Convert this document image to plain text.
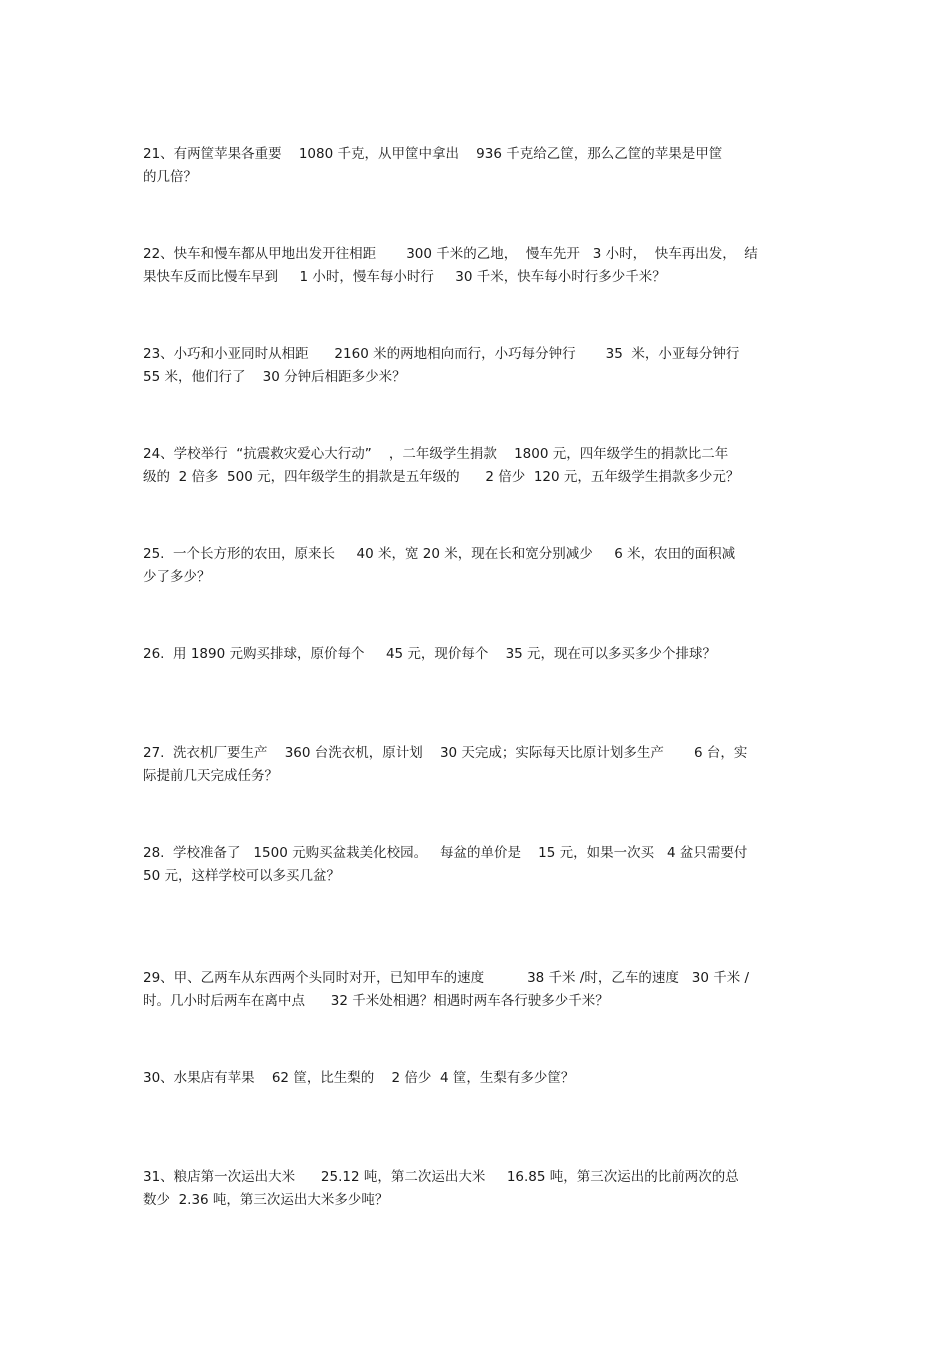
21、有两筐苹果各重要    1080 千克，从甲筐中拿出    936 千克给乙筐，那么乙筐的苹果是甲筐
的几倍？
22、快车和慢车都从甲地出发开往相距       300 千米的乙地，  慢车先开   3 小时，  快车再出发，  结
果快车反而比慢车早到     1 小时，慢车每小时行     30 千米，快车每小时行多少千米？
23、小巧和小亚同时从相距      2160 米的两地相向而行，小巧每分钟行       35  米，小亚每分钟行
55 米，他们行了    30 分钟后相距多少米？
24、学校举行  “抗震救灾爱心大行动”    ，二年级学生捐款    1800 元，四年级学生的捐款比二年
级的  2 倍多  500 元，四年级学生的捐款是五年级的      2 倍少  120 元，五年级学生捐款多少元？
25.  一个长方形的农田，原来长     40 米，宽 20 米，现在长和宽分别减少     6 米，农田的面积减
少了多少？
26.  用 1890 元购买排球，原价每个     45 元，现价每个    35 元，现在可以多买多少个排球？
27.  洗衣机厂要生产    360 台洗衣机，原计划    30 天完成；实际每天比原计划多生产       6 台，实
际提前几天完成任务？
28.  学校准备了   1500 元购买盆栽美化校园。   每盆的单价是    15 元，如果一次买   4 盆只需要付
50 元，这样学校可以多买几盆？
29、甲、乙两车从东西两个头同时对开，已知甲车的速度          38 千米 /时，乙车的速度   30 千米 /
时。几小时后两车在离中点      32 千米处相遇？相遇时两车各行驶多少千米？
30、水果店有苹果    62 筐，比生梨的    2 倍少  4 筐，生梨有多少筐？
31、粮店第一次运出大米      25.12 吨，第二次运出大米     16.85 吨，第三次运出的比前两次的总
数少  2.36 吨，第三次运出大米多少吨？
